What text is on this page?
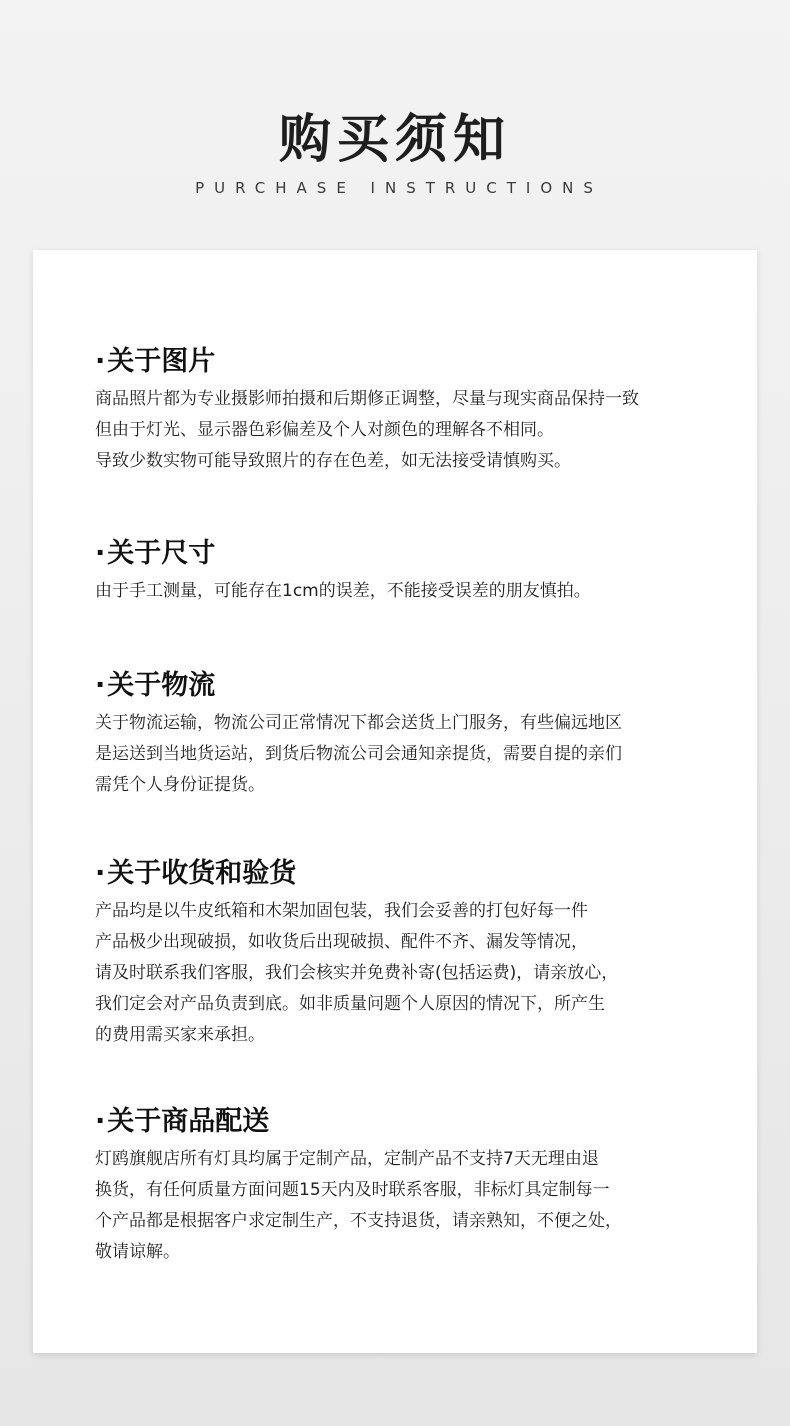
购买须知
PURCHASE INSTRUCTIONS
·关于图片
商品照片都为专业摄影师拍摄和后期修正调整，尽量与现实商品保持一致
但由于灯光、显示器色彩偏差及个人对颜色的理解各不相同。
导致少数实物可能导致照片的存在色差，如无法接受请慎购买。
·关于尺寸
由于手工测量，可能存在1cm的误差，不能接受误差的朋友慎拍。
·关于物流
关于物流运输，物流公司正常情况下都会送货上门服务，有些偏远地区
是运送到当地货运站，到货后物流公司会通知亲提货，需要自提的亲们
需凭个人身份证提货。
·关于收货和验货
产品均是以牛皮纸箱和木架加固包装，我们会妥善的打包好每一件
产品极少出现破损，如收货后出现破损、配件不齐、漏发等情况，
请及时联系我们客服，我们会核实并免费补寄(包括运费)，请亲放心，
我们定会对产品负责到底。如非质量问题个人原因的情况下，所产生
的费用需买家来承担。
·关于商品配送
灯鸥旗舰店所有灯具均属于定制产品，定制产品不支持7天无理由退
换货，有任何质量方面问题15天内及时联系客服，非标灯具定制每一
个产品都是根据客户求定制生产，不支持退货，请亲熟知，不便之处，
敬请谅解。
